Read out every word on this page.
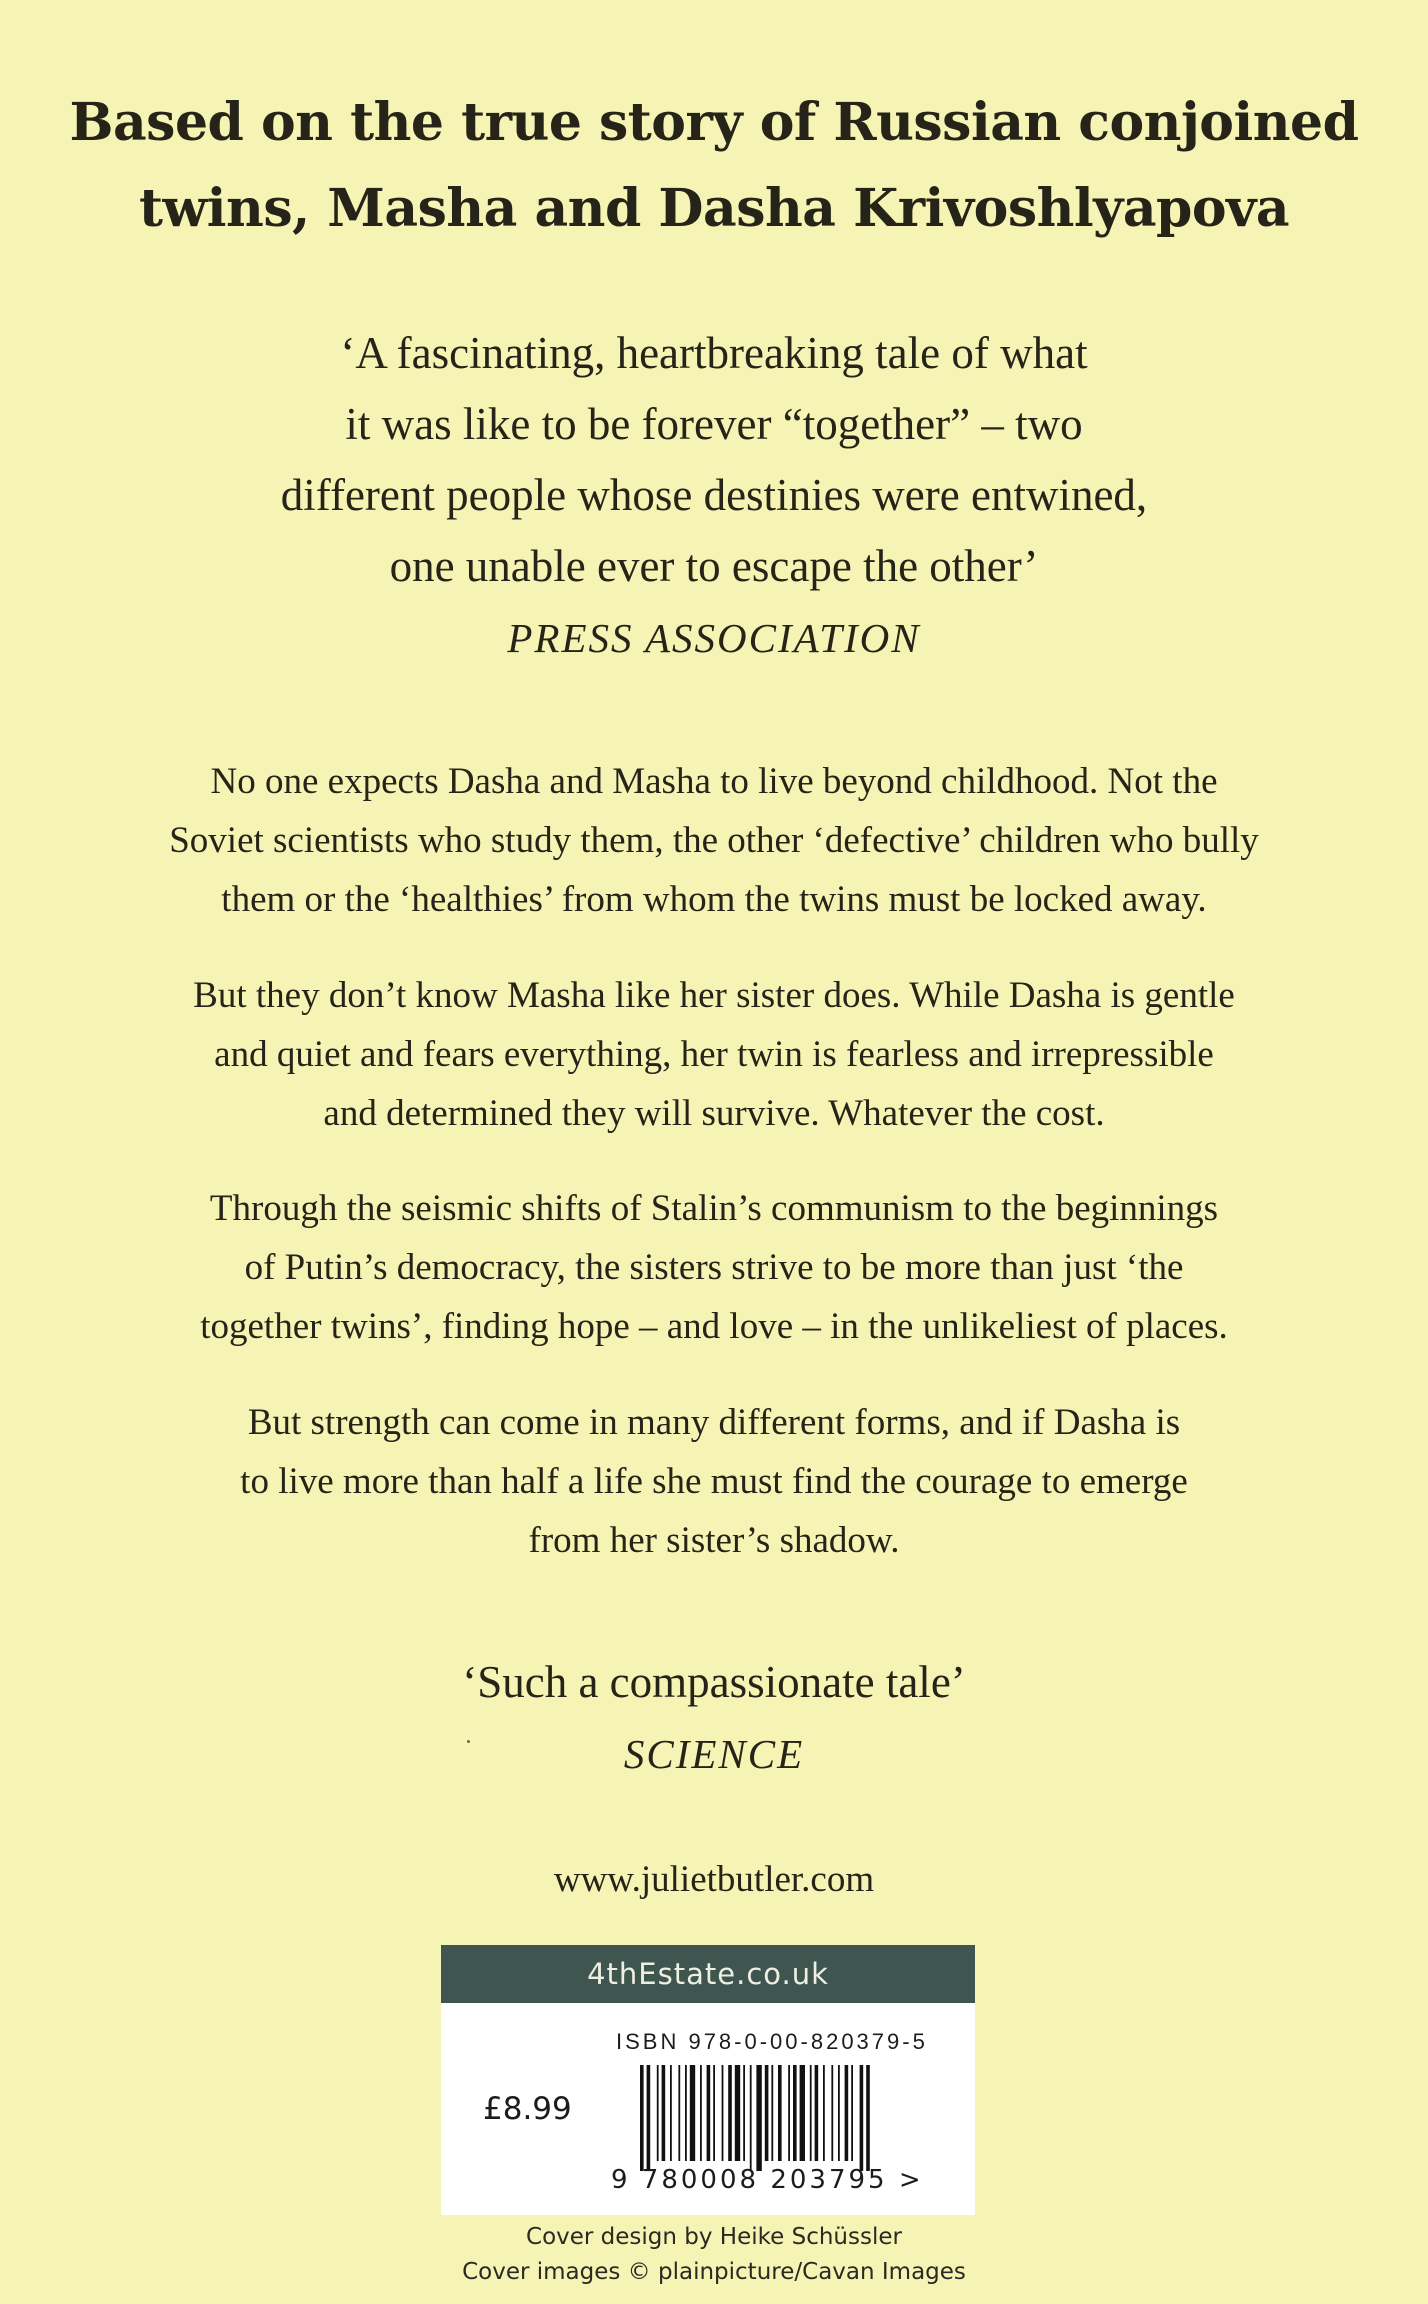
Based on the true story of Russian conjoined
twins, Masha and Dasha Krivoshlyapova
‘A fascinating, heartbreaking tale of what
it was like to be forever “together” – two
different people whose destinies were entwined,
one unable ever to escape the other’
PRESS ASSOCIATION
No one expects Dasha and Masha to live beyond childhood. Not the
Soviet scientists who study them, the other ‘defective’ children who bully
them or the ‘healthies’ from whom the twins must be locked away.
But they don’t know Masha like her sister does. While Dasha is gentle
and quiet and fears everything, her twin is fearless and irrepressible
and determined they will survive. Whatever the cost.
Through the seismic shifts of Stalin’s communism to the beginnings
of Putin’s democracy, the sisters strive to be more than just ‘the
together twins’, finding hope – and love – in the unlikeliest of places.
But strength can come in many different forms, and if Dasha is
to live more than half a life she must find the courage to emerge
from her sister’s shadow.
‘Such a compassionate tale’
SCIENCE
www.julietbutler.com
4thEstate.co.uk
ISBN 978-0-00-820379-5
£8.99
9 780008 203795 >
Cover design by Heike Schüssler
Cover images © plainpicture/Cavan Images
